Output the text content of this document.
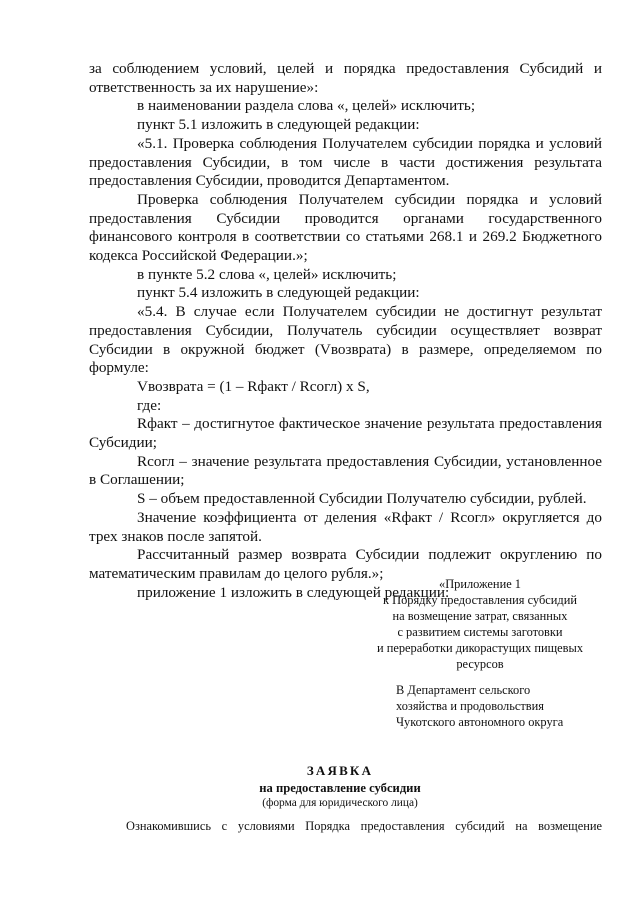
за соблюдением условий, целей и порядка предоставления Субсидий и ответственность за их нарушение»:

в наименовании раздела слова «, целей» исключить;

пункт 5.1 изложить в следующей редакции:

«5.1. Проверка соблюдения Получателем субсидии порядка и условий предоставления Субсидии, в том числе в части достижения результата предоставления Субсидии, проводится Департаментом.

Проверка соблюдения Получателем субсидии порядка и условий предоставления Субсидии проводится органами государственного финансового контроля в соответствии со статьями 268.1 и 269.2 Бюджетного кодекса Российской Федерации.»;

в пункте 5.2 слова «, целей» исключить;

пункт 5.4 изложить в следующей редакции:

«5.4. В случае если Получателем субсидии не достигнут результат предоставления Субсидии, Получатель субсидии осуществляет возврат Субсидии в окружной бюджет (Vвозврата) в размере, определяемом по формуле:

Vвозврата = (1 – Rфакт / Rсогл) x S,

где:

Rфакт – достигнутое фактическое значение результата предоставления Субсидии;

Rсогл – значение результата предоставления Субсидии, установленное в Соглашении;

S – объем предоставленной Субсидии Получателю субсидии, рублей.

Значение коэффициента от деления «Rфакт / Rсогл» округляется до трех знаков после запятой.

Рассчитанный размер возврата Субсидии подлежит округлению по математическим правилам до целого рубля.»;

приложение 1 изложить в следующей редакции:

«Приложение 1
к Порядку предоставления субсидий
на возмещение затрат, связанных
с развитием системы заготовки
и переработки дикорастущих пищевых
ресурсов
В Департамент сельского
хозяйства и продовольствия
Чукотского автономного округа
ЗАЯВКА
на предоставление субсидии
(форма для юридического лица)
Ознакомившись с условиями Порядка предоставления субсидий на возмещение
